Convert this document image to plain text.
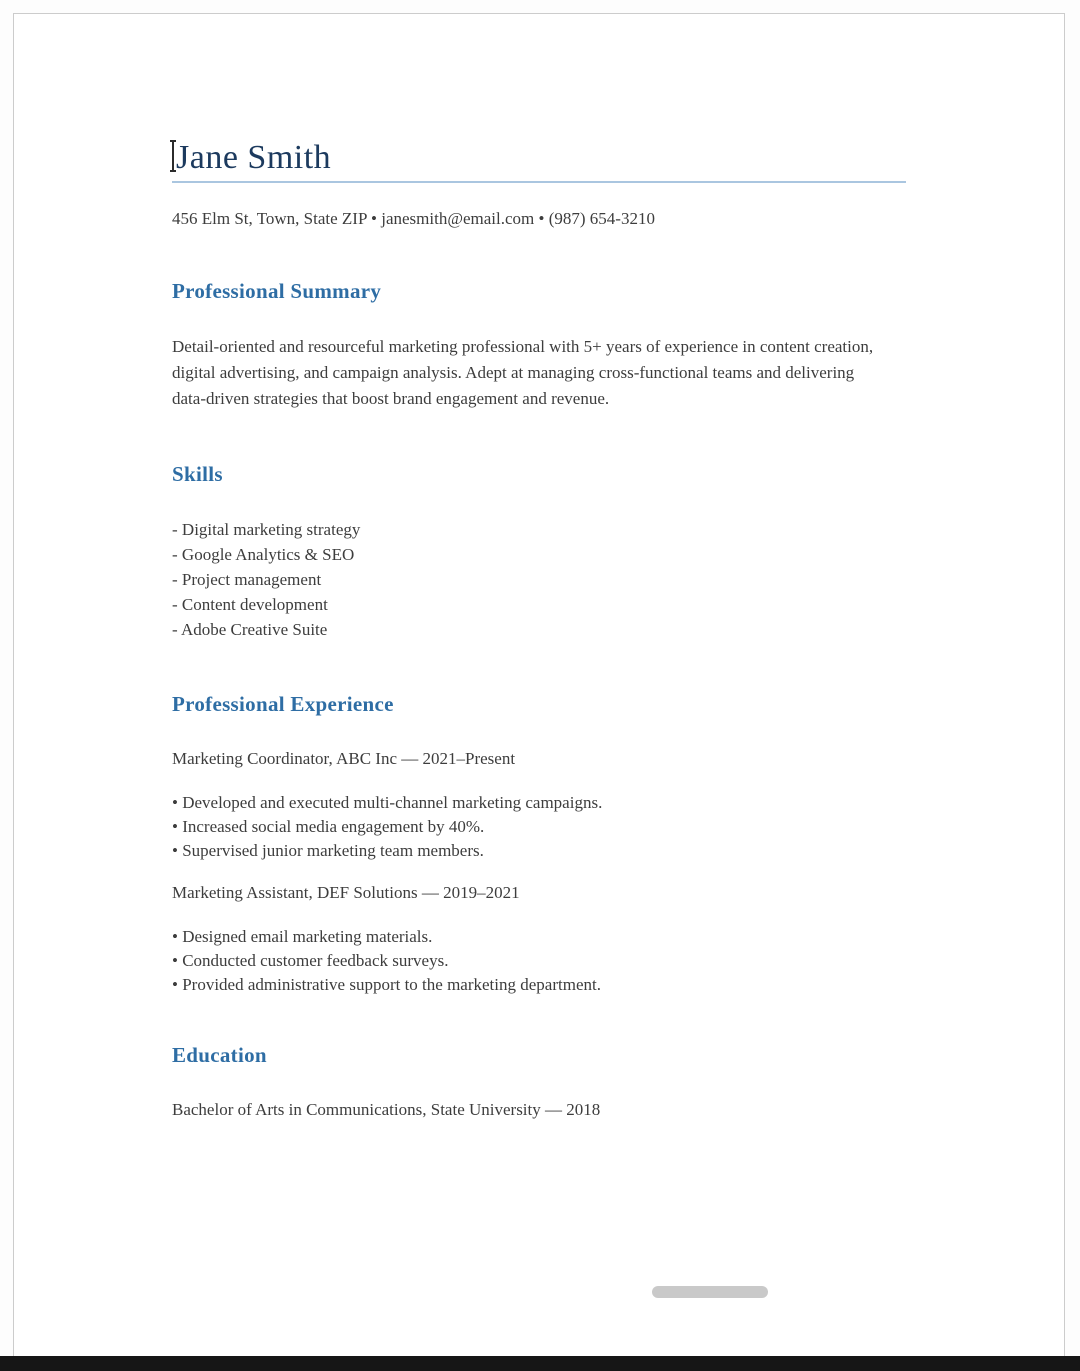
Jane Smith

456 Elm St, Town, State ZIP • janesmith@email.com • (987) 654-3210

Professional Summary

Detail-oriented and resourceful marketing professional with 5+ years of experience in content creation, digital advertising, and campaign analysis. Adept at managing cross-functional teams and delivering data-driven strategies that boost brand engagement and revenue.

Skills
- Digital marketing strategy
- Google Analytics & SEO
- Project management
- Content development
- Adobe Creative Suite
Professional Experience

Marketing Coordinator, ABC Inc — 2021–Present

• Developed and executed multi-channel marketing campaigns.
• Increased social media engagement by 40%.
• Supervised junior marketing team members.

Marketing Assistant, DEF Solutions — 2019–2021

• Designed email marketing materials.
• Conducted customer feedback surveys.
• Provided administrative support to the marketing department.
Education

Bachelor of Arts in Communications, State University — 2018
